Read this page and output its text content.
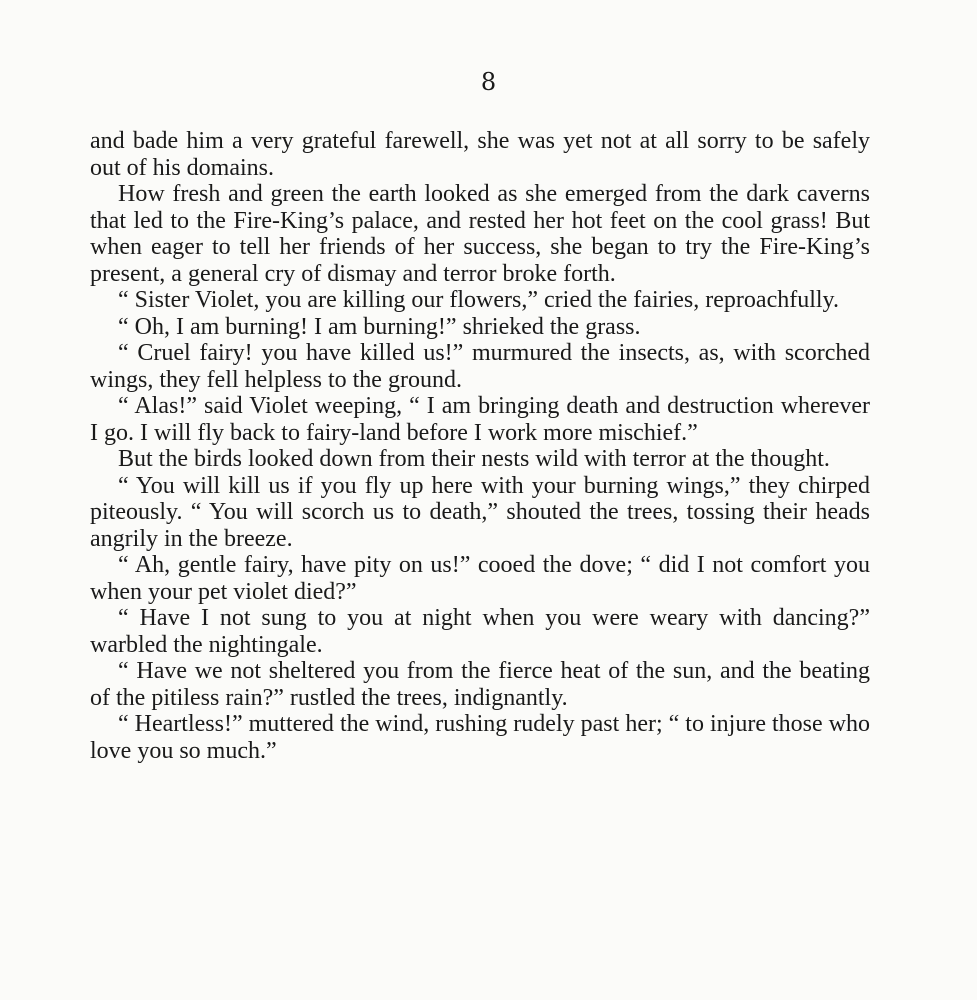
8

and bade him a very grateful farewell, she was yet not at all sorry to be safely out of his domains.

How fresh and green the earth looked as she emerged from the dark caverns that led to the Fire-King’s palace, and rested her hot feet on the cool grass! But when eager to tell her friends of her success, she began to try the Fire-King’s present, a general cry of dismay and terror broke forth.

“ Sister Violet, you are killing our flowers,” cried the fairies, reproachfully.

“ Oh, I am burning! I am burning!” shrieked the grass.

“ Cruel fairy! you have killed us!” murmured the insects, as, with scorched wings, they fell helpless to the ground.

“ Alas!” said Violet weeping, “ I am bringing death and destruction wherever I go. I will fly back to fairy-land before I work more mischief.”

But the birds looked down from their nests wild with terror at the thought.

“ You will kill us if you fly up here with your burning wings,” they chirped piteously. “ You will scorch us to death,” shouted the trees, tossing their heads angrily in the breeze.

“ Ah, gentle fairy, have pity on us!” cooed the dove; “ did I not comfort you when your pet violet died?”

“ Have I not sung to you at night when you were weary with dancing?” warbled the nightingale.

“ Have we not sheltered you from the fierce heat of the sun, and the beating of the pitiless rain?” rustled the trees, indignantly.

“ Heartless!” muttered the wind, rushing rudely past her; “ to injure those who love you so much.”
